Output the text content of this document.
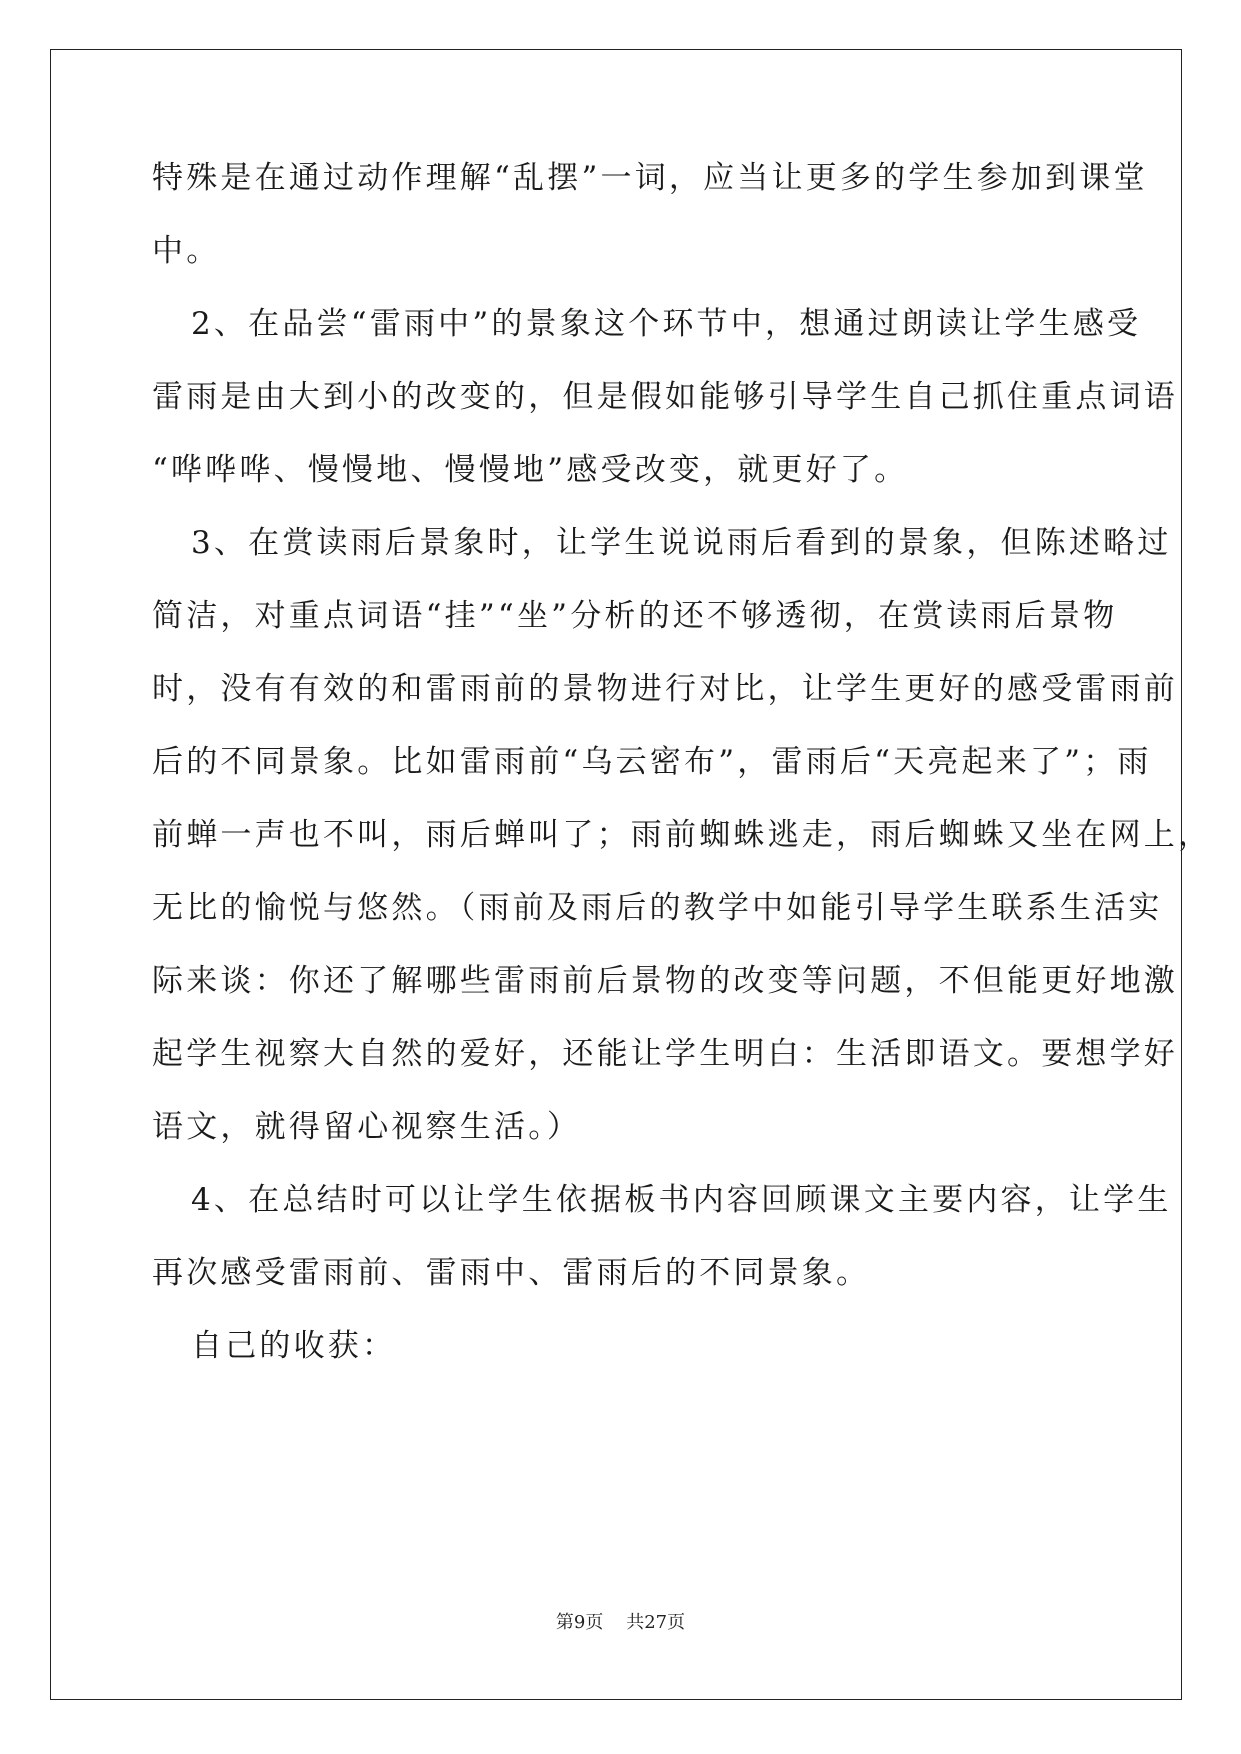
特殊是在通过动作理解“乱摆”一词，应当让更多的学生参加到课堂
中。
2、在品尝“雷雨中”的景象这个环节中，想通过朗读让学生感受
雷雨是由大到小的改变的，但是假如能够引导学生自己抓住重点词语
“哗哗哗、慢慢地、慢慢地”感受改变，就更好了。
3、在赏读雨后景象时，让学生说说雨后看到的景象，但陈述略过
简洁，对重点词语“挂”“坐”分析的还不够透彻，在赏读雨后景物
时，没有有效的和雷雨前的景物进行对比，让学生更好的感受雷雨前
后的不同景象。比如雷雨前“乌云密布”，雷雨后“天亮起来了”；雨
前蝉一声也不叫，雨后蝉叫了；雨前蜘蛛逃走，雨后蜘蛛又坐在网上，
无比的愉悦与悠然。（雨前及雨后的教学中如能引导学生联系生活实
际来谈：你还了解哪些雷雨前后景物的改变等问题，不但能更好地激
起学生视察大自然的爱好，还能让学生明白：生活即语文。要想学好
语文，就得留心视察生活。）
4、在总结时可以让学生依据板书内容回顾课文主要内容，让学生
再次感受雷雨前、雷雨中、雷雨后的不同景象。
自己的收获：
第9页 共27页
